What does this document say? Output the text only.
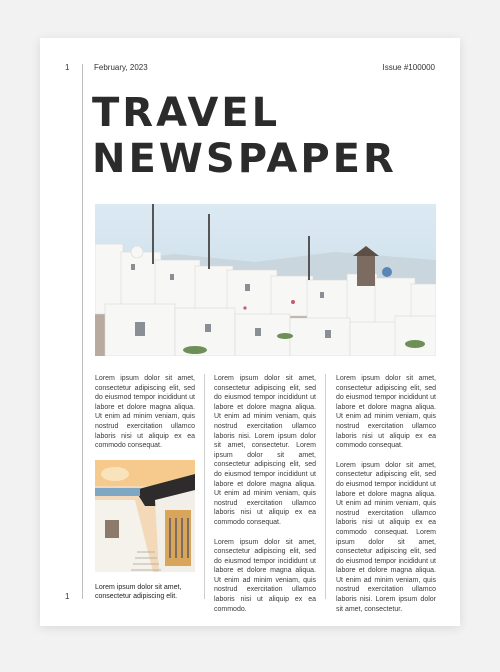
1
1
February, 2023	Issue #100000
TRAVEL
NEWSPAPER

Lorem ipsum dolor sit amet, consectetur adipiscing elit, sed do eiusmod tempor incididunt ut labore et dolore magna aliqua. Ut enim ad minim veniam, quis nostrud exercitation ullamco laboris nisi ut aliquip ex ea commodo consequat.

Lorem ipsum dolor sit amet, consectetur adipiscing elit.

Lorem ipsum dolor sit amet, consectetur adipiscing elit, sed do eiusmod tempor incididunt ut labore et dolore magna aliqua. Ut enim ad minim veniam, quis nostrud exercitation ullamco laboris nisi. Lorem ipsum dolor sit amet, consectetur. Lorem ipsum dolor sit amet, consectetur adipiscing elit, sed do eiusmod tempor incididunt ut labore et dolore magna aliqua. Ut enim ad minim veniam, quis nostrud exercitation ullamco laboris nisi ut aliquip ex ea commodo consequat.

Lorem ipsum dolor sit amet, consectetur adipiscing elit, sed do eiusmod tempor incididunt ut labore et dolore magna aliqua. Ut enim ad minim veniam, quis nostrud exercitation ullamco laboris nisi ut aliquip ex ea commodo.

Lorem ipsum dolor sit amet, consectetur adipiscing elit, sed do eiusmod tempor incididunt ut labore et dolore magna aliqua. Ut enim ad minim veniam, quis nostrud exercitation ullamco laboris nisi ut aliquip ex ea commodo consequat.

Lorem ipsum dolor sit amet, consectetur adipiscing elit, sed do eiusmod tempor incididunt ut labore et dolore magna aliqua. Ut enim ad minim veniam, quis nostrud exercitation ullamco laboris nisi ut aliquip ex ea commodo consequat. Lorem ipsum dolor sit amet, consectetur adipiscing elit, sed do eiusmod tempor incididunt ut labore et dolore magna aliqua. Ut enim ad minim veniam, quis nostrud exercitation ullamco laboris nisi. Lorem ipsum dolor sit amet, consectetur.
